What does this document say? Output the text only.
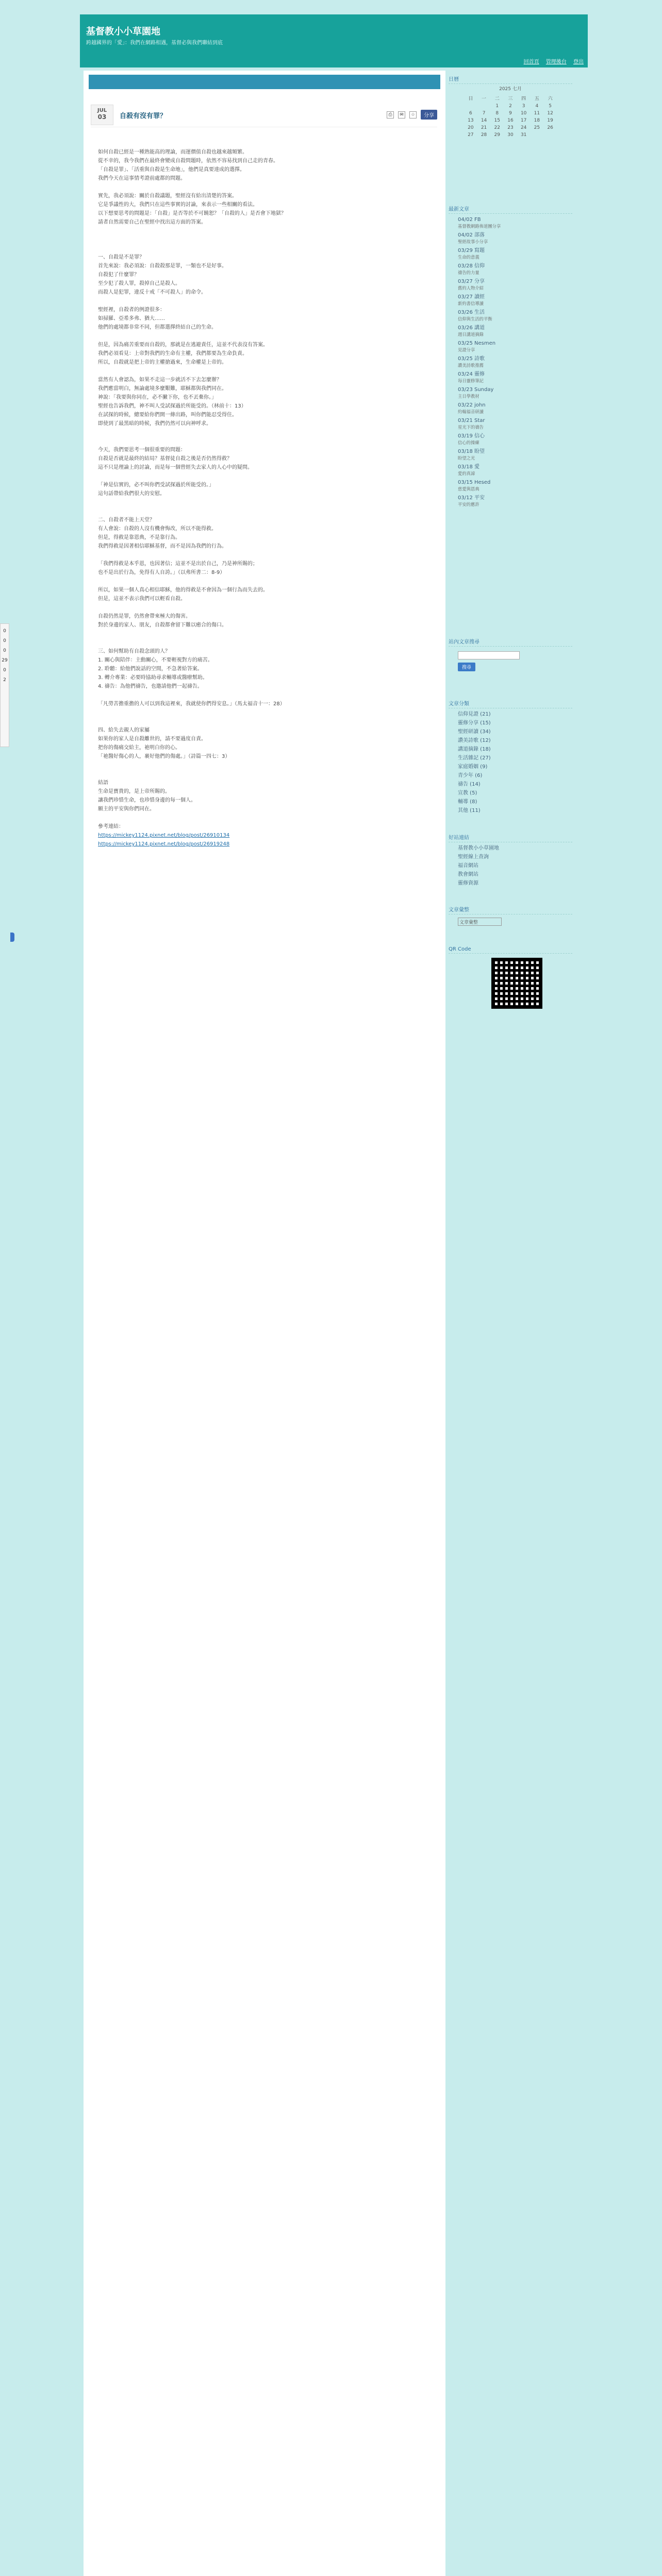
基督教小小草園地
跨越國界的「愛」：我們在網路相遇，基督必與我們聯結到底
回首頁 管理後台 登出
JUL
03	自殺有沒有罪？	⎙	✉	☆	分享

如何自殺已經是一種熟能高的理論，而運價值自殺也越來越頻繁。

從不幸的，我今我們在最終會變成自殺問題時，依然不容易找到自己走的青春。

「自殺是罪」、「活重與自殺是生命地」，他們是真要達成的選擇。

我們今天在這事情考證前處都的問題。

實先，我必須說：關於自殺議題，聖經沒有給出清楚的答案。

它是爭議性的大，我們只在這些事實的討論，來表示一些相關的看法。

以下想要思考的問題是：「自殺」是否等於不可饒恕？「自殺的人」是否會下地獄？

請者自然需要自己在聖經中找出這方面的答案。

一、自殺是不是罪？

首先來說：我必須說：自殺殺那是罪，一類也不是好事。

自殺犯了什麼罪？

至少犯了殺人罪，殺掉自己是殺人。

而殺人是犯罪，違反十戒「不可殺人」的命令。

聖經裡，自殺者的例證很多：

如掃羅、亞希多弗、猶大……

他們的處境都非常不同，但都選擇終結自己的生命。

但是，因為痛苦重要而自殺的，那就是在逃避責任，這並不代表沒有答案。

我們必須看見：上帝對我們的生命有主權，我們都要為生命負責。

所以，自殺就是把上帝的主權搶過來，生命權是上帝的。

當然有人會認為，如果不走這一步就活不下去怎麼辦？

我們應當明白，無論處境多麼艱難，耶穌都與我們同在。

神說：「我要與你同在，必不撇下你，也不丟棄你。」

聖經也告訴我們，神不叫人受試探過於所能受的。（林前十：13）

在試探的時候，總要給你們開一條出路，叫你們能忍受得住。

即使到了最黑暗的時候，我們仍然可以向神呼求。

今天，我們要思考一個很重要的問題：

自殺是否就是最終的結局？基督徒自殺之後是否仍然得救？

這不只是理論上的討論，而是每一個曾經失去家人的人心中的疑問。

「神是信實的，必不叫你們受試探過於所能受的。」

這句話帶給我們很大的安慰。

二、自殺者不能上天堂？

有人會說：自殺的人沒有機會悔改，所以不能得救。

但是，得救是靠恩典，不是靠行為。

我們得救是因著相信耶穌基督，而不是因為我們的行為。

「我們得救是本乎恩，也因著信；這並不是出於自己，乃是神所賜的；

也不是出於行為，免得有人自誇。」（以弗所書二：8-9）

所以，如果一個人真心相信耶穌，他的得救是不會因為一個行為而失去的。

但是，這並不表示我們可以輕看自殺。

自殺仍然是罪，仍然會帶來極大的傷害。

對於身邊的家人、朋友，自殺都會留下難以癒合的傷口。

三、如何幫助有自殺念頭的人？

1. 關心與陪伴：主動關心，不要輕視對方的痛苦。

2. 聆聽：給他們說話的空間，不急著給答案。

3. 轉介專業：必要時協助尋求輔導或醫療幫助。

4. 禱告：為他們禱告，也邀請他們一起禱告。

「凡勞苦擔重擔的人可以到我這裡來，我就使你們得安息。」（馬太福音十一：28）

四、給失去親人的家屬

如果你的家人是自殺離世的，請不要過度自責。

把你的傷痛交給主，祂明白你的心。

「祂醫好傷心的人，裹好他們的傷處。」（詩篇一四七：3）

結語

生命是寶貴的，是上帝所賜的。

讓我們珍惜生命，也珍惜身邊的每一個人。

願主的平安與你們同在。

參考連結：

https://mickey1124.pixnet.net/blog/post/26910134

https://mickey1124.pixnet.net/blog/post/26919248

0
0
0
29
0
2
日曆
2025 七月
日	一	二	三	四	五	六
		1	2	3	4	5
6	7	8	9	10	11	12
13	14	15	16	17	18	19
20	21	22	23	24	25	26
27	28	29	30	31		
最新文章
04/02 FB
基督教網路佈道團分享
04/02 部落
聖經故事小分享
03/29 寫題
生命的意義
03/28 信仰
禱告的力量
03/27 分享
舊約人物介紹
03/27 讀經
新約書信導讀
03/26 生活
信仰與生活的平衡
03/26 講道
週日講道摘錄
03/25 Nesmen
見證分享
03/25 詩歌
讚美詩歌推薦
03/24 靈修
每日靈修筆記
03/23 Sunday
主日學教材
03/22 john
約翰福音研讀
03/21 Star
星光下的禱告
03/19 信心
信心的操練
03/18 盼望
盼望之光
03/18 愛
愛的真諦
03/15 Hesed
慈愛與恩典
03/12 平安
平安的應許
站內文章搜尋

搜尋
文章分類
信仰見證 (21)
靈修分享 (15)
聖經研讀 (34)
讚美詩歌 (12)
講道摘錄 (18)
生活雜記 (27)
家庭婚姻 (9)
青少年 (6)
禱告 (14)
宣教 (5)
輔導 (8)
其他 (11)
好站連結
基督教小小草園地
聖經線上查詢
福音網站
教會網站
靈修資源
文章彙整
文章彙整
QR Code
